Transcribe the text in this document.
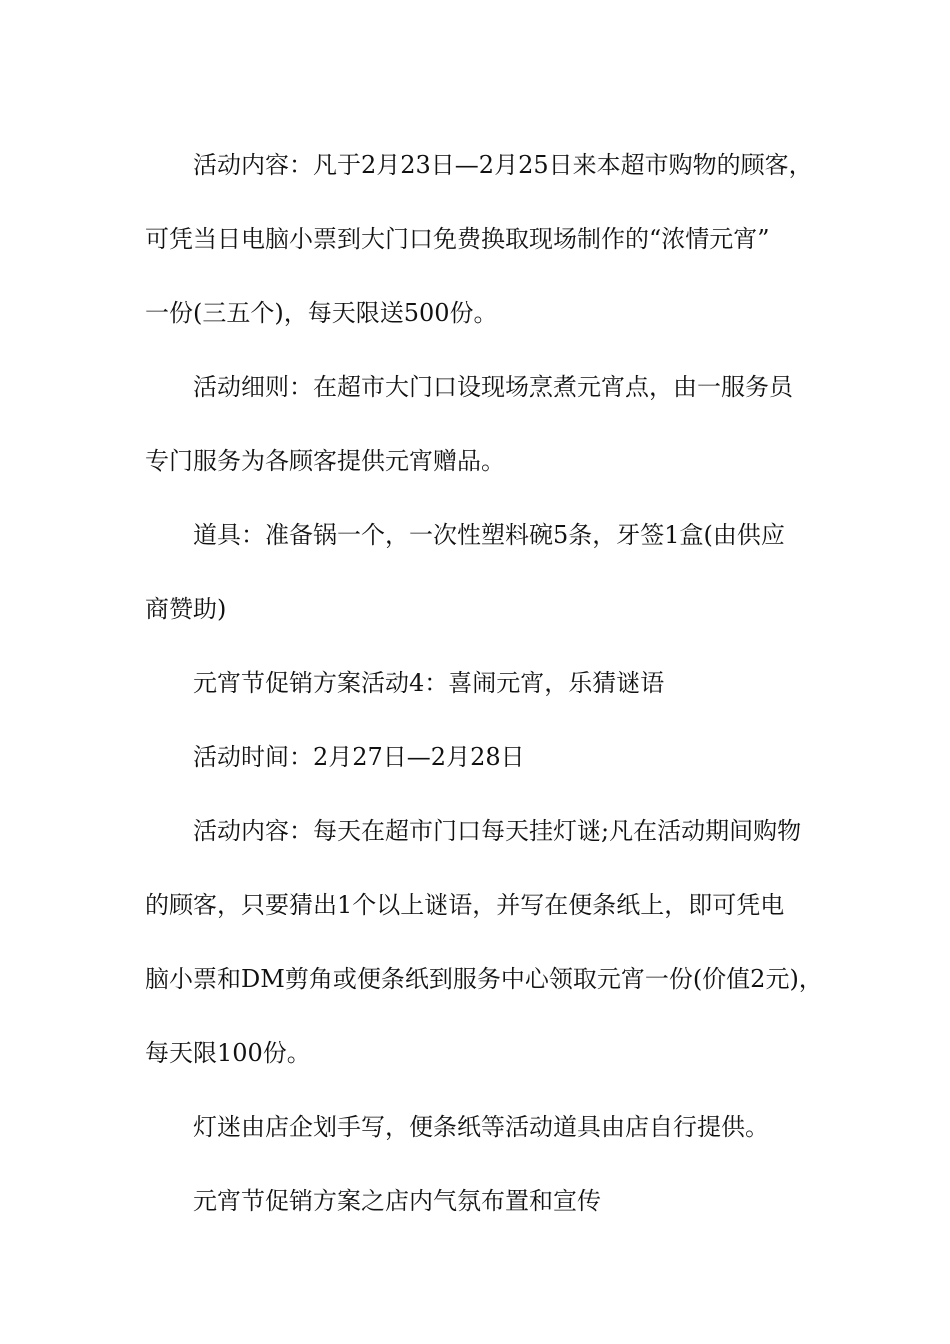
活动内容：凡于2月23日—2月25日来本超市购物的顾客，

可凭当日电脑小票到大门口免费换取现场制作的“浓情元宵”

一份(三五个)，每天限送500份。

活动细则：在超市大门口设现场烹煮元宵点，由一服务员

专门服务为各顾客提供元宵赠品。

道具：准备锅一个，一次性塑料碗5条，牙签1盒(由供应

商赞助)

元宵节促销方案活动4：喜闹元宵，乐猜谜语

活动时间：2月27日—2月28日

活动内容：每天在超市门口每天挂灯谜;凡在活动期间购物

的顾客，只要猜出1个以上谜语，并写在便条纸上，即可凭电

脑小票和DM剪角或便条纸到服务中心领取元宵一份(价值2元)，

每天限100份。

灯迷由店企划手写，便条纸等活动道具由店自行提供。

元宵节促销方案之店内气氛布置和宣传
